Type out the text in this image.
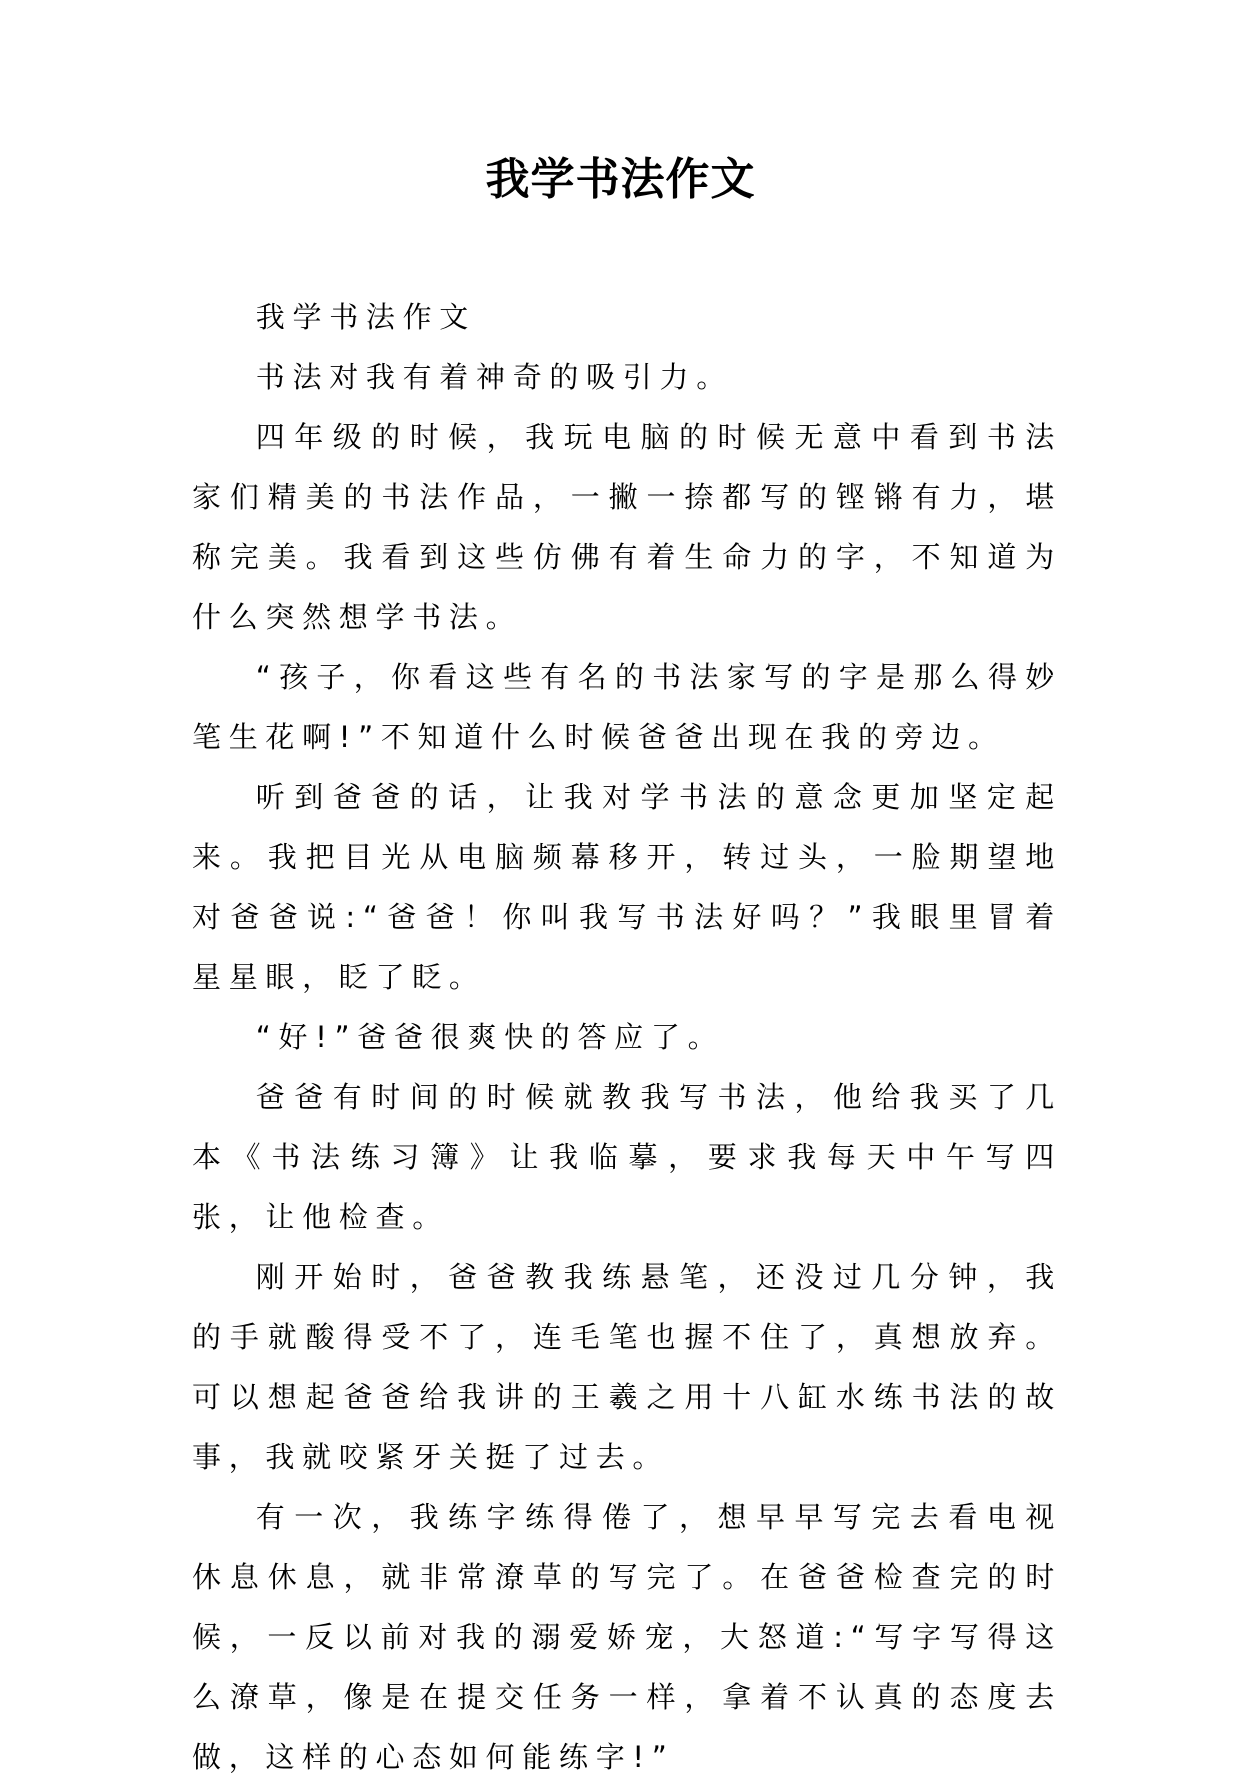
我学书法作文

我学书法作文

书法对我有着神奇的吸引力。

四年级的时候，我玩电脑的时候无意中看到书法家们精美的书法作品，一撇一捺都写的铿锵有力，堪称完美。我看到这些仿佛有着生命力的字，不知道为什么突然想学书法。

“孩子，你看这些有名的书法家写的字是那么得妙笔生花啊!”不知道什么时候爸爸出现在我的旁边。

听到爸爸的话，让我对学书法的意念更加坚定起来。我把目光从电脑频幕移开，转过头，一脸期望地对爸爸说:“爸爸！你叫我写书法好吗？”我眼里冒着星星眼，眨了眨。

“好!”爸爸很爽快的答应了。

爸爸有时间的时候就教我写书法，他给我买了几本《书法练习簿》让我临摹，要求我每天中午写四张，让他检查。

刚开始时，爸爸教我练悬笔，还没过几分钟，我的手就酸得受不了，连毛笔也握不住了，真想放弃。可以想起爸爸给我讲的王羲之用十八缸水练书法的故事，我就咬紧牙关挺了过去。

有一次，我练字练得倦了，想早早写完去看电视休息休息，就非常潦草的写完了。在爸爸检查完的时候，一反以前对我的溺爱娇宠，大怒道:“写字写得这么潦草，像是在提交任务一样，拿着不认真的态度去做，这样的心态如何能练字!”
